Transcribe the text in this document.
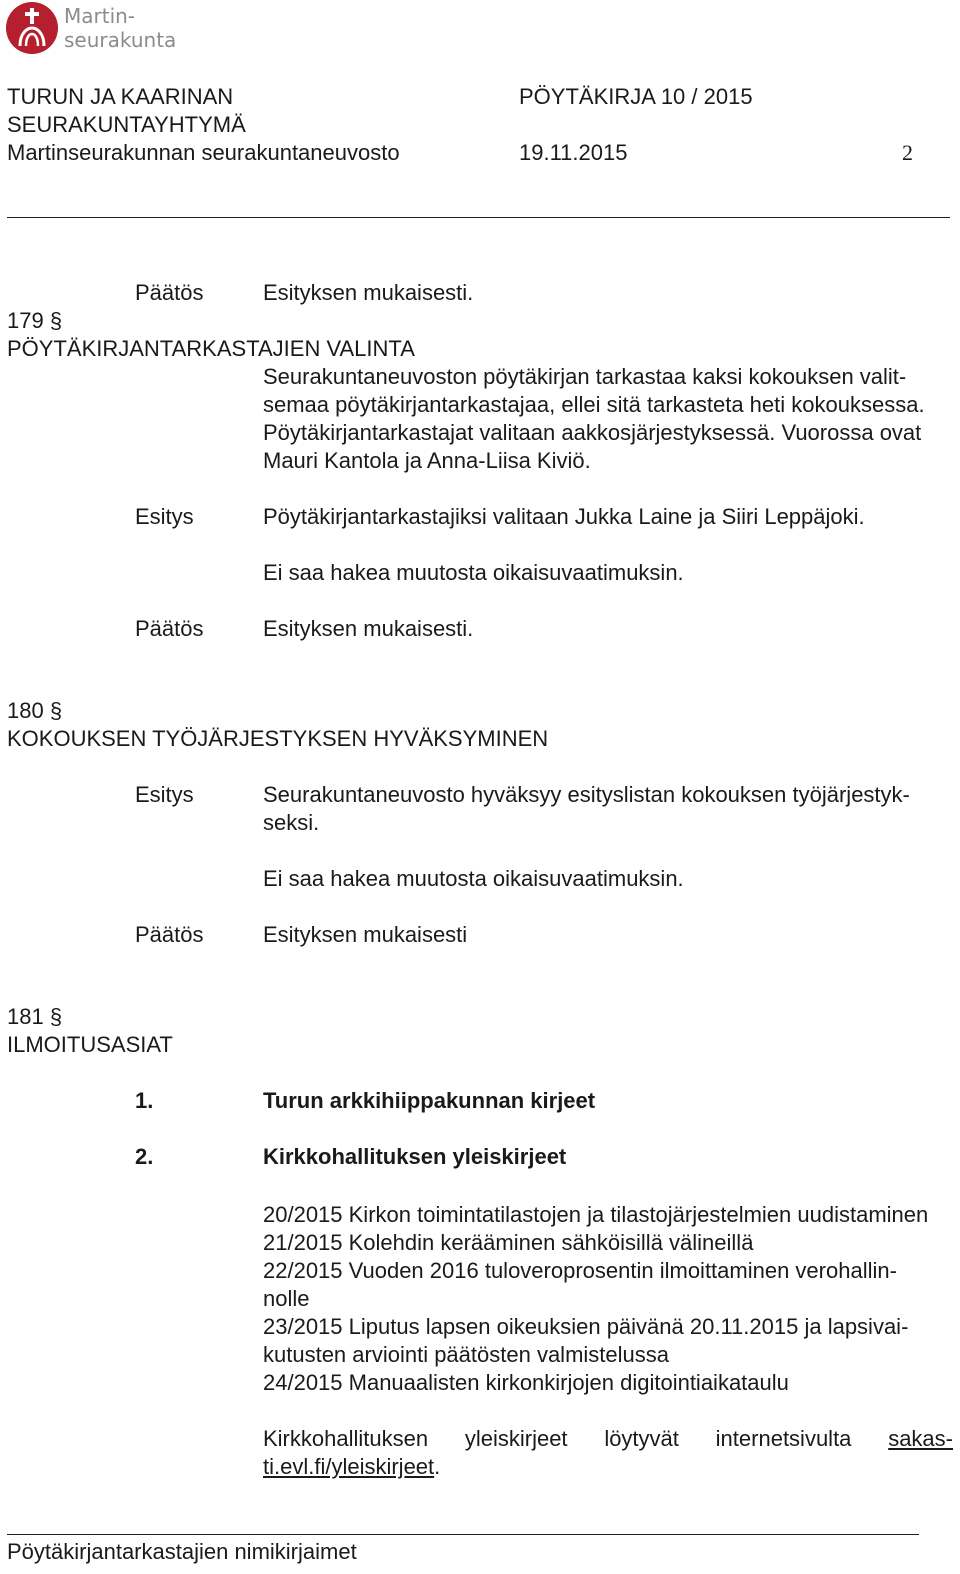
Martin-
seurakunta
TURUN JA KAARINAN
SEURAKUNTAYHTYMÄ
Martinseurakunnan seurakuntaneuvosto
PÖYTÄKIRJA 10 / 2015
19.11.2015	2
Päätös	Esityksen mukaisesti.
179 §
PÖYTÄKIRJANTARKASTAJIEN VALINTA
Seurakuntaneuvoston pöytäkirjan tarkastaa kaksi kokouksen valit-
semaa pöytäkirjantarkastajaa, ellei sitä tarkasteta heti kokouksessa.
Pöytäkirjantarkastajat valitaan aakkosjärjestyksessä. Vuorossa ovat
Mauri Kantola ja Anna-Liisa Kiviö.
Esitys	Pöytäkirjantarkastajiksi valitaan Jukka Laine ja Siiri Leppäjoki.
Ei saa hakea muutosta oikaisuvaatimuksin.
Päätös	Esityksen mukaisesti.
180 §
KOKOUKSEN TYÖJÄRJESTYKSEN HYVÄKSYMINEN
Esitys	Seurakuntaneuvosto hyväksyy esityslistan kokouksen työjärjestyk-
seksi.
Ei saa hakea muutosta oikaisuvaatimuksin.
Päätös	Esityksen mukaisesti
181 §
ILMOITUSASIAT
1.	Turun arkkihiippakunnan kirjeet
2.	Kirkkohallituksen yleiskirjeet
20/2015 Kirkon toimintatilastojen ja tilastojärjestelmien uudistaminen
21/2015 Kolehdin kerääminen sähköisillä välineillä
22/2015 Vuoden 2016 tuloveroprosentin ilmoittaminen verohallin-
nolle
23/2015 Liputus lapsen oikeuksien päivänä 20.11.2015 ja lapsivai-
kutusten arviointi päätösten valmistelussa
24/2015 Manuaalisten kirkonkirjojen digitointiaikataulu
Kirkkohallituksen yleiskirjeet löytyvät internetsivulta sakas-
ti.evl.fi/yleiskirjeet.
Pöytäkirjantarkastajien nimikirjaimet
